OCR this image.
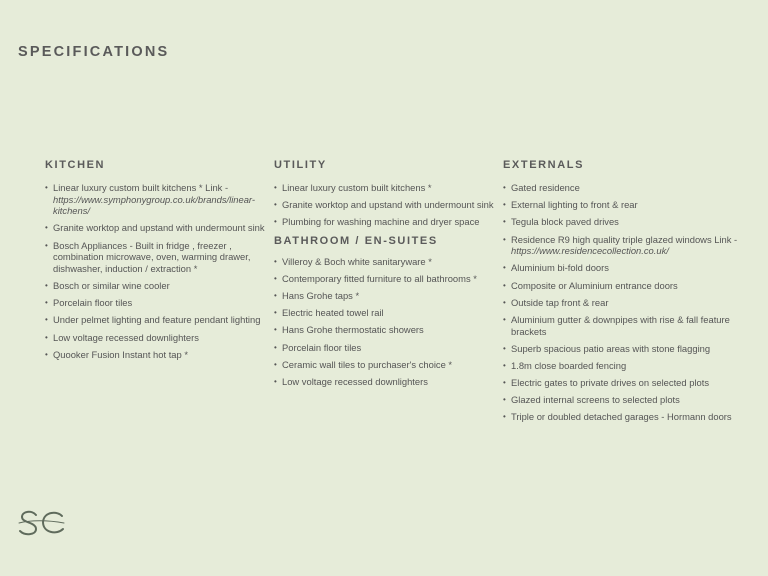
SPECIFICATIONS
KITCHEN
• Linear luxury custom built kitchens * Link - https://www.symphonygroup.co.uk/brands/linear-kitchens/
• Granite worktop and upstand with undermount sink
• Bosch Appliances - Built in fridge , freezer , combination microwave, oven, warming drawer, dishwasher, induction / extraction *
• Bosch or similar wine cooler
• Porcelain floor tiles
• Under pelmet lighting and feature pendant lighting
• Low voltage recessed downlighters
• Quooker Fusion Instant hot tap *
UTILITY
• Linear luxury custom built kitchens *
• Granite worktop and upstand with undermount sink
• Plumbing for washing machine and dryer space
BATHROOM / EN-SUITES
• Villeroy & Boch white sanitaryware *
• Contemporary fitted furniture to all bathrooms *
• Hans Grohe taps *
• Electric heated towel rail
• Hans Grohe thermostatic showers
• Porcelain floor tiles
• Ceramic wall tiles to purchaser's choice *
• Low voltage recessed downlighters
EXTERNALS
• Gated residence
• External lighting to front & rear
• Tegula block paved drives
• Residence R9 high quality triple glazed windows Link - https://www.residencecollection.co.uk/
• Aluminium bi-fold doors
• Composite or Aluminium entrance doors
• Outside tap front & rear
• Aluminium gutter & downpipes with rise & fall feature brackets
• Superb spacious patio areas with stone flagging
• 1.8m close boarded fencing
• Electric gates to private drives on selected plots
• Glazed internal screens to selected plots
• Triple or doubled detached garages - Hormann doors
